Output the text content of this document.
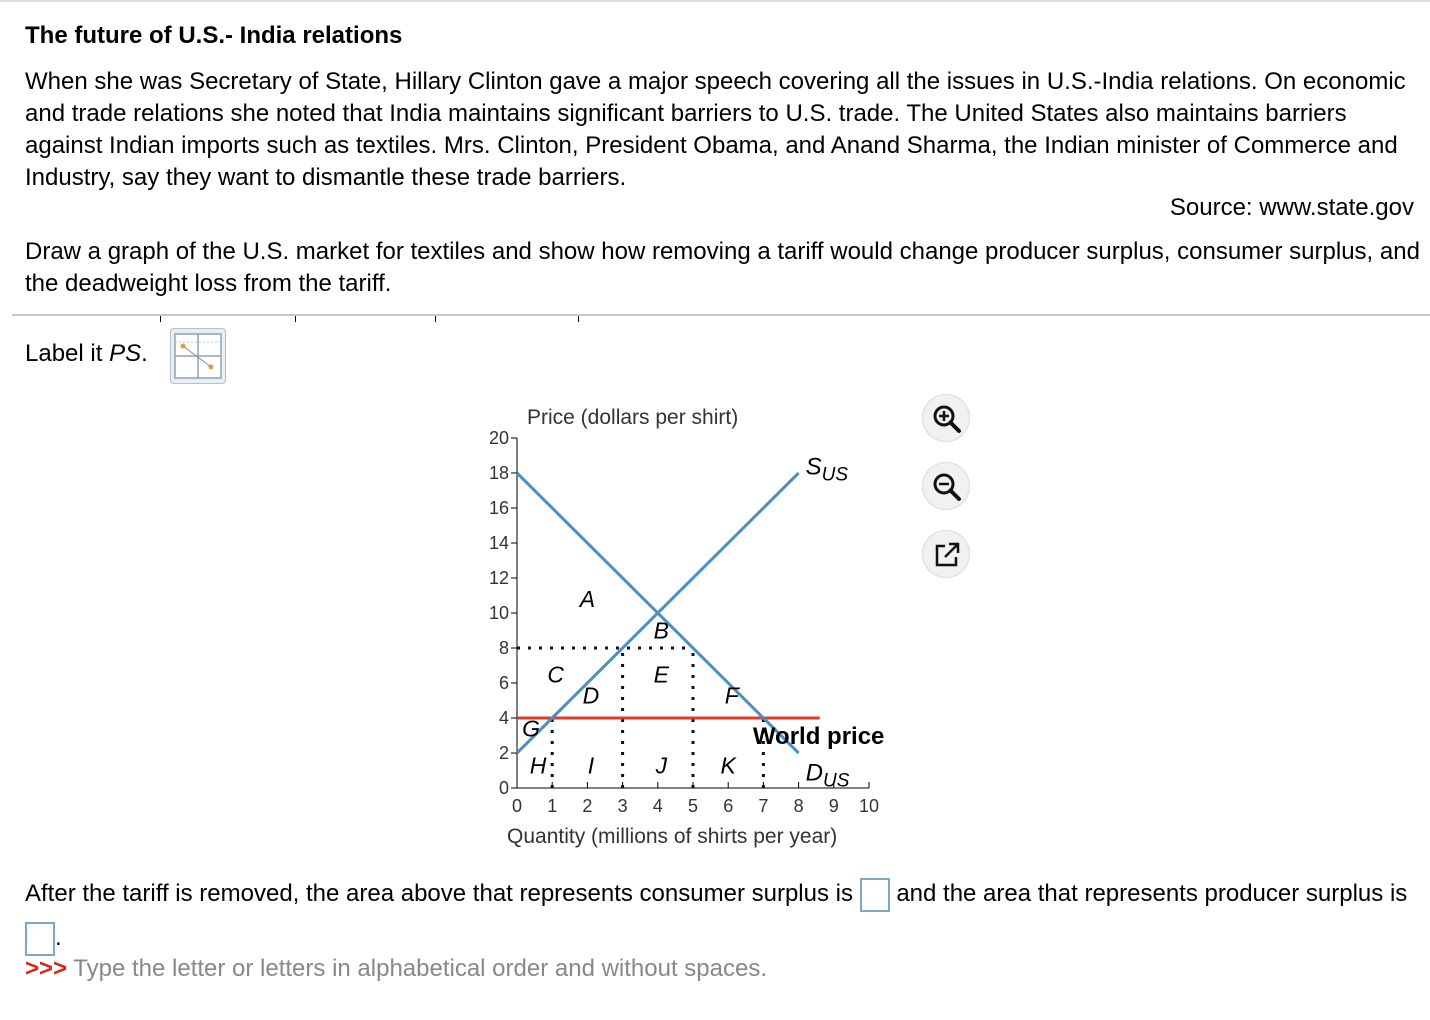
The future of U.S.- India relations

When she was Secretary of State, Hillary Clinton gave a major speech covering all the issues in U.S.-India relations. On economic and trade relations she noted that India maintains significant barriers to U.S. trade. The United States also maintains barriers against Indian imports such as textiles. Mrs. Clinton, President Obama, and Anand Sharma, the Indian minister of Commerce and Industry, say they want to dismantle these trade barriers.

Source: www.state.gov

Draw a graph of the U.S. market for textiles and show how removing a tariff would change producer surplus, consumer surplus, and the deadweight loss from the tariff.

Label it PS.
0
2
4
6
8
10
12
14
16
18
20
0 1 2 3 4 5 6 7 8 9 10
Price (dollars per shirt)
Quantity (millions of shirts per year)
$S_{US}$
$D_{US}$
World price
A
B
C
D
E
F
G
H I	J K
After the tariff is removed, the area above that represents consumer surplus is and the area that represents producer surplus is .
>>> Type the letter or letters in alphabetical order and without spaces.
